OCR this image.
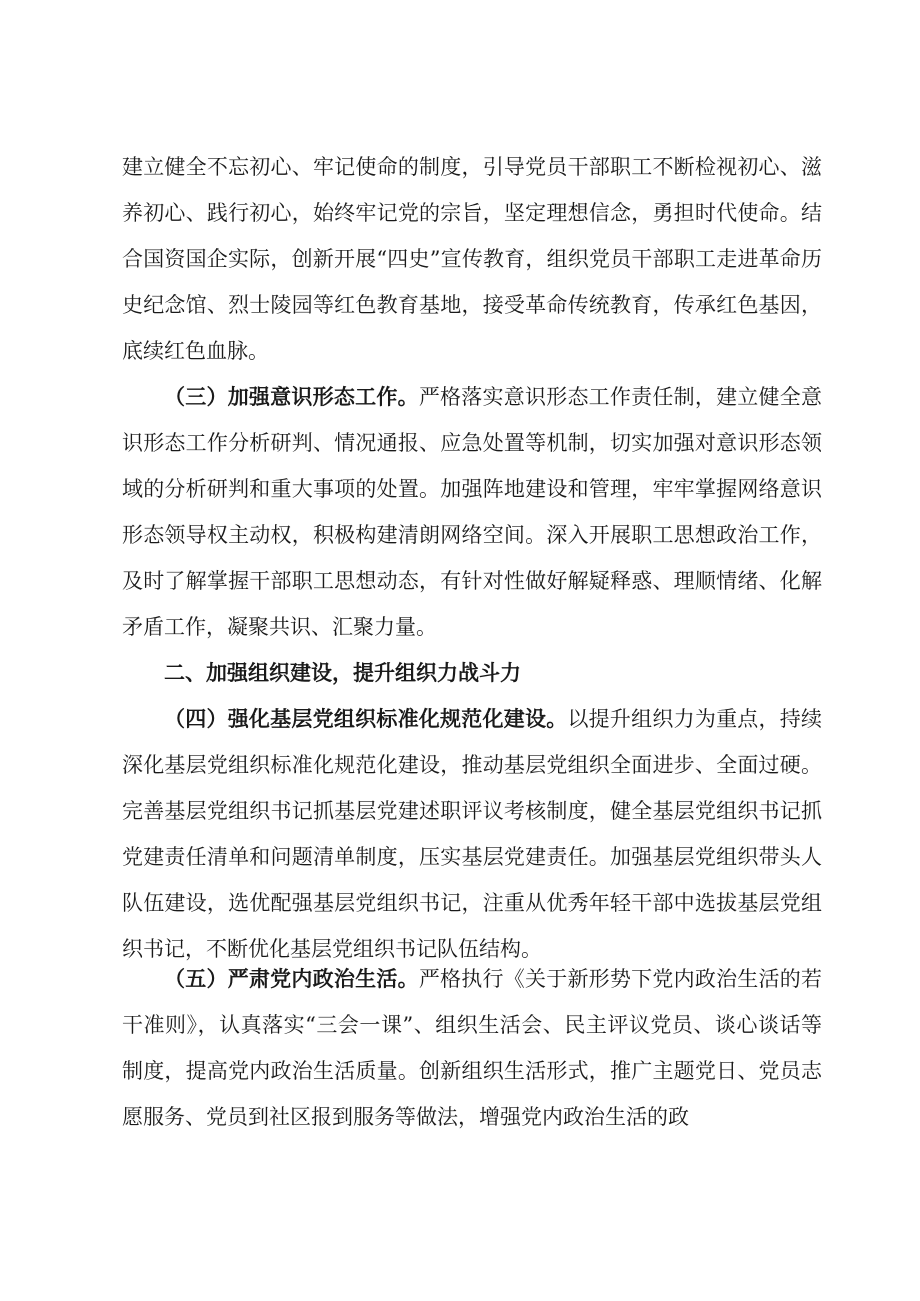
建立健全不忘初心、牢记使命的制度，引导党员干部职工不断检视初心、滋养初心、践行初心，始终牢记党的宗旨，坚定理想信念，勇担时代使命。结合国资国企实际，创新开展“四史”宣传教育，组织党员干部职工走进革命历史纪念馆、烈士陵园等红色教育基地，接受革命传统教育，传承红色基因，底续红色血脉。

（三）加强意识形态工作。严格落实意识形态工作责任制，建立健全意识形态工作分析研判、情况通报、应急处置等机制，切实加强对意识形态领域的分析研判和重大事项的处置。加强阵地建设和管理，牢牢掌握网络意识形态领导权主动权，积极构建清朗网络空间。深入开展职工思想政治工作，及时了解掌握干部职工思想动态，有针对性做好解疑释惑、理顺情绪、化解矛盾工作，凝聚共识、汇聚力量。

二、加强组织建设，提升组织力战斗力

（四）强化基层党组织标准化规范化建设。以提升组织力为重点，持续深化基层党组织标准化规范化建设，推动基层党组织全面进步、全面过硬。完善基层党组织书记抓基层党建述职评议考核制度，健全基层党组织书记抓党建责任清单和问题清单制度，压实基层党建责任。加强基层党组织带头人队伍建设，选优配强基层党组织书记，注重从优秀年轻干部中选拔基层党组织书记，不断优化基层党组织书记队伍结构。

（五）严肃党内政治生活。严格执行《关于新形势下党内政治生活的若干准则》，认真落实“三会一课”、组织生活会、民主评议党员、谈心谈话等制度，提高党内政治生活质量。创新组织生活形式，推广主题党日、党员志愿服务、党员到社区报到服务等做法，增强党内政治生活的政
